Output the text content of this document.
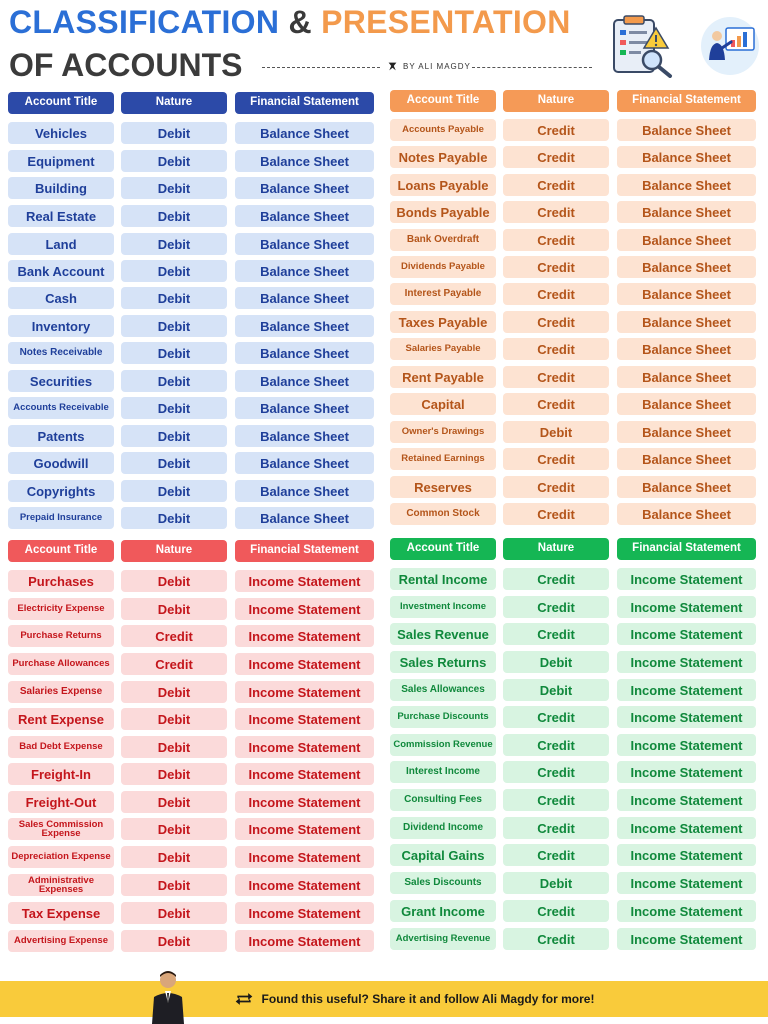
CLASSIFICATION & PRESENTATION
OF ACCOUNTS	BY ALI MAGDY
Account Title	Nature	Financial Statement
Vehicles	Debit	Balance Sheet
Equipment	Debit	Balance Sheet
Building	Debit	Balance Sheet
Real Estate	Debit	Balance Sheet
Land	Debit	Balance Sheet
Bank Account	Debit	Balance Sheet
Cash	Debit	Balance Sheet
Inventory	Debit	Balance Sheet
Notes Receivable	Debit	Balance Sheet
Securities	Debit	Balance Sheet
Accounts Receivable	Debit	Balance Sheet
Patents	Debit	Balance Sheet
Goodwill	Debit	Balance Sheet
Copyrights	Debit	Balance Sheet
Prepaid Insurance	Debit	Balance Sheet
Account Title	Nature	Financial Statement
Accounts Payable	Credit	Balance Sheet
Notes Payable	Credit	Balance Sheet
Loans Payable	Credit	Balance Sheet
Bonds Payable	Credit	Balance Sheet
Bank Overdraft	Credit	Balance Sheet
Dividends Payable	Credit	Balance Sheet
Interest Payable	Credit	Balance Sheet
Taxes Payable	Credit	Balance Sheet
Salaries Payable	Credit	Balance Sheet
Rent Payable	Credit	Balance Sheet
Capital	Credit	Balance Sheet
Owner's Drawings	Debit	Balance Sheet
Retained Earnings	Credit	Balance Sheet
Reserves	Credit	Balance Sheet
Common Stock	Credit	Balance Sheet
Account Title	Nature	Financial Statement
Purchases	Debit	Income Statement
Electricity Expense	Debit	Income Statement
Purchase Returns	Credit	Income Statement
Purchase Allowances	Credit	Income Statement
Salaries Expense	Debit	Income Statement
Rent Expense	Debit	Income Statement
Bad Debt Expense	Debit	Income Statement
Freight-In	Debit	Income Statement
Freight-Out	Debit	Income Statement
Sales Commission Expense	Debit	Income Statement
Depreciation Expense	Debit	Income Statement
Administrative Expenses	Debit	Income Statement
Tax Expense	Debit	Income Statement
Advertising Expense	Debit	Income Statement
Account Title	Nature	Financial Statement
Rental Income	Credit	Income Statement
Investment Income	Credit	Income Statement
Sales Revenue	Credit	Income Statement
Sales Returns	Debit	Income Statement
Sales Allowances	Debit	Income Statement
Purchase Discounts	Credit	Income Statement
Commission Revenue	Credit	Income Statement
Interest Income	Credit	Income Statement
Consulting Fees	Credit	Income Statement
Dividend Income	Credit	Income Statement
Capital Gains	Credit	Income Statement
Sales Discounts	Debit	Income Statement
Grant Income	Credit	Income Statement
Advertising Revenue	Credit	Income Statement
Found this useful? Share it and follow Ali Magdy for more!
